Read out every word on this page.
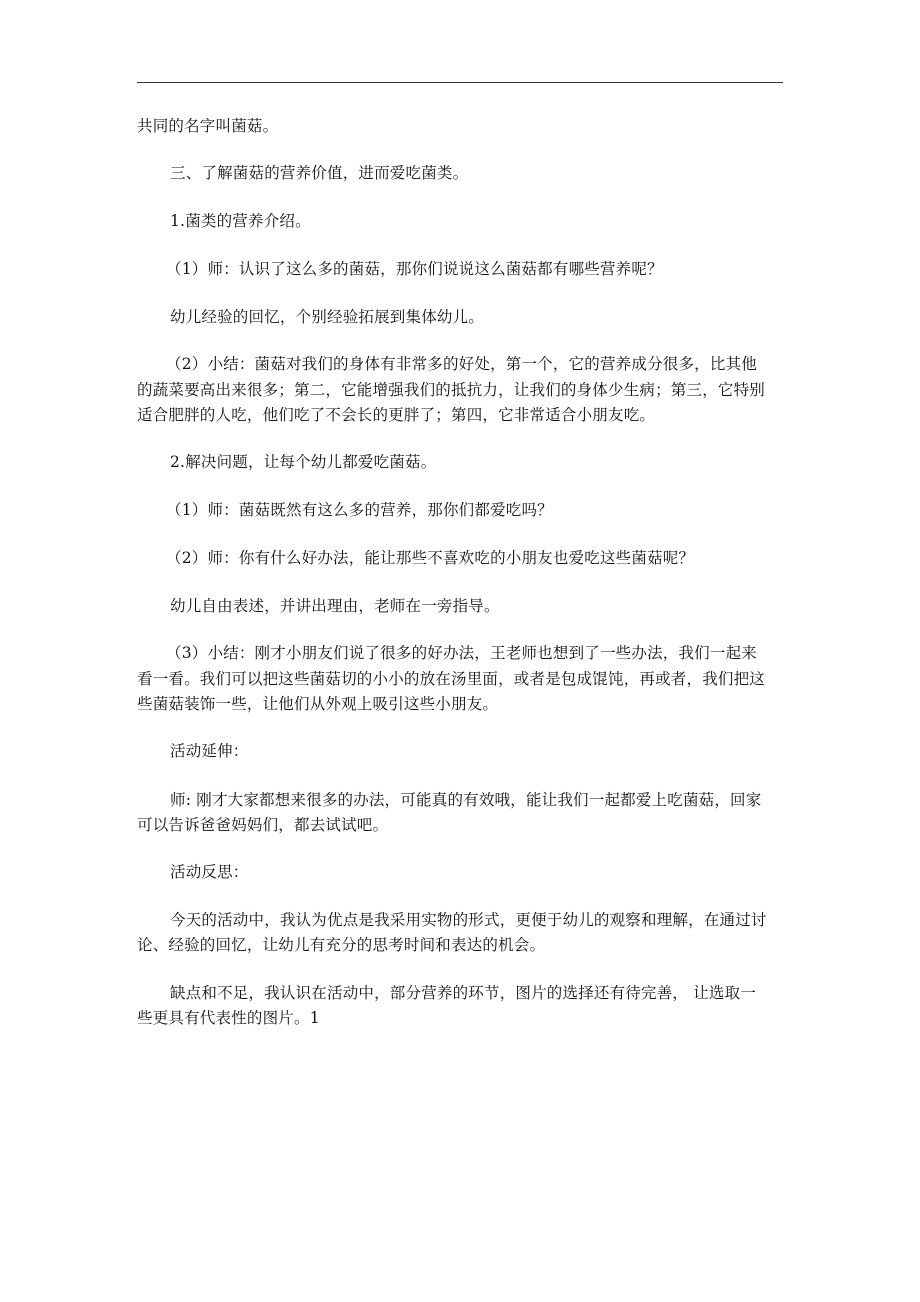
共同的名字叫菌菇。
三、了解菌菇的营养价值，进而爱吃菌类。
1.菌类的营养介绍。
（1）师：认识了这么多的菌菇，那你们说说这么菌菇都有哪些营养呢？
幼儿经验的回忆，个别经验拓展到集体幼儿。
（2）小结：菌菇对我们的身体有非常多的好处，第一个，它的营养成分很多，比其他
的蔬菜要高出来很多；第二，它能增强我们的抵抗力，让我们的身体少生病；第三，它特别
适合肥胖的人吃，他们吃了不会长的更胖了；第四，它非常适合小朋友吃。
2.解决问题，让每个幼儿都爱吃菌菇。
（1）师：菌菇既然有这么多的营养，那你们都爱吃吗？
（2）师：你有什么好办法，能让那些不喜欢吃的小朋友也爱吃这些菌菇呢？
幼儿自由表述，并讲出理由，老师在一旁指导。
（3）小结：刚才小朋友们说了很多的好办法，王老师也想到了一些办法，我们一起来
看一看。我们可以把这些菌菇切的小小的放在汤里面，或者是包成馄饨，再或者，我们把这
些菌菇装饰一些，让他们从外观上吸引这些小朋友。
活动延伸：
师: 刚才大家都想来很多的办法，可能真的有效哦，能让我们一起都爱上吃菌菇，回家
可以告诉爸爸妈妈们，都去试试吧。
活动反思：
今天的活动中，我认为优点是我采用实物的形式，更便于幼儿的观察和理解，在通过讨
论、经验的回忆，让幼儿有充分的思考时间和表达的机会。
缺点和不足，我认识在活动中，部分营养的环节，图片的选择还有待完善， 让选取一
些更具有代表性的图片。1
